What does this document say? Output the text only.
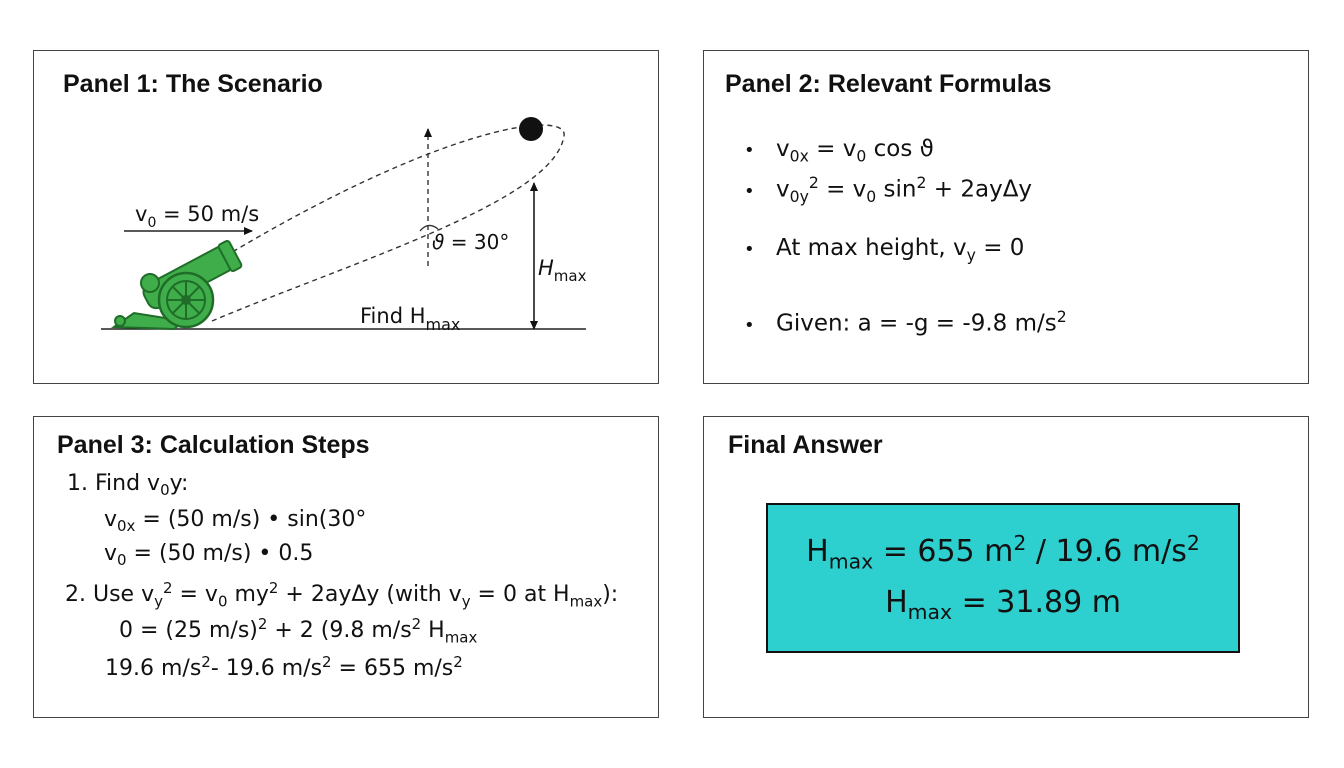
Panel 1: The Scenario
ϑ = 30°
$H_{max}$
Find $H_{max}$
$v_0 = 50$ m/s
Panel 2: Relevant Formulas
• $v_{0x} = v_0$ cos ϑ
• $v_{0y}^2 = v_0$ $\sin^2 + 2ay\Delta y$
• At max height, $v_y = 0$
• Given: a = -g = -9.8 $m/s^2$
Panel 3: Calculation Steps
1. Find $v_0y$:
$v_{0x} = (50$ m/s) • sin(30°
$v_0 = (50$ m/s) • 0.5
2. Use $v_y^2 = v_0$ $my^2 + 2ay\Delta y$ (with $v_y = 0$ at $H_{max}$):
0 = (25 m/s)$^2$ + 2 (9.8 $m/s^2$ $H_{max}$
19.6 $m/s^2-$ 19.6 $m/s^2 = 655$ $m/s^2$
Final Answer
$H_{max} = 655$ $m^2 / 19.6$ $m/s^2$
$H_{max} = 31.89$ m
